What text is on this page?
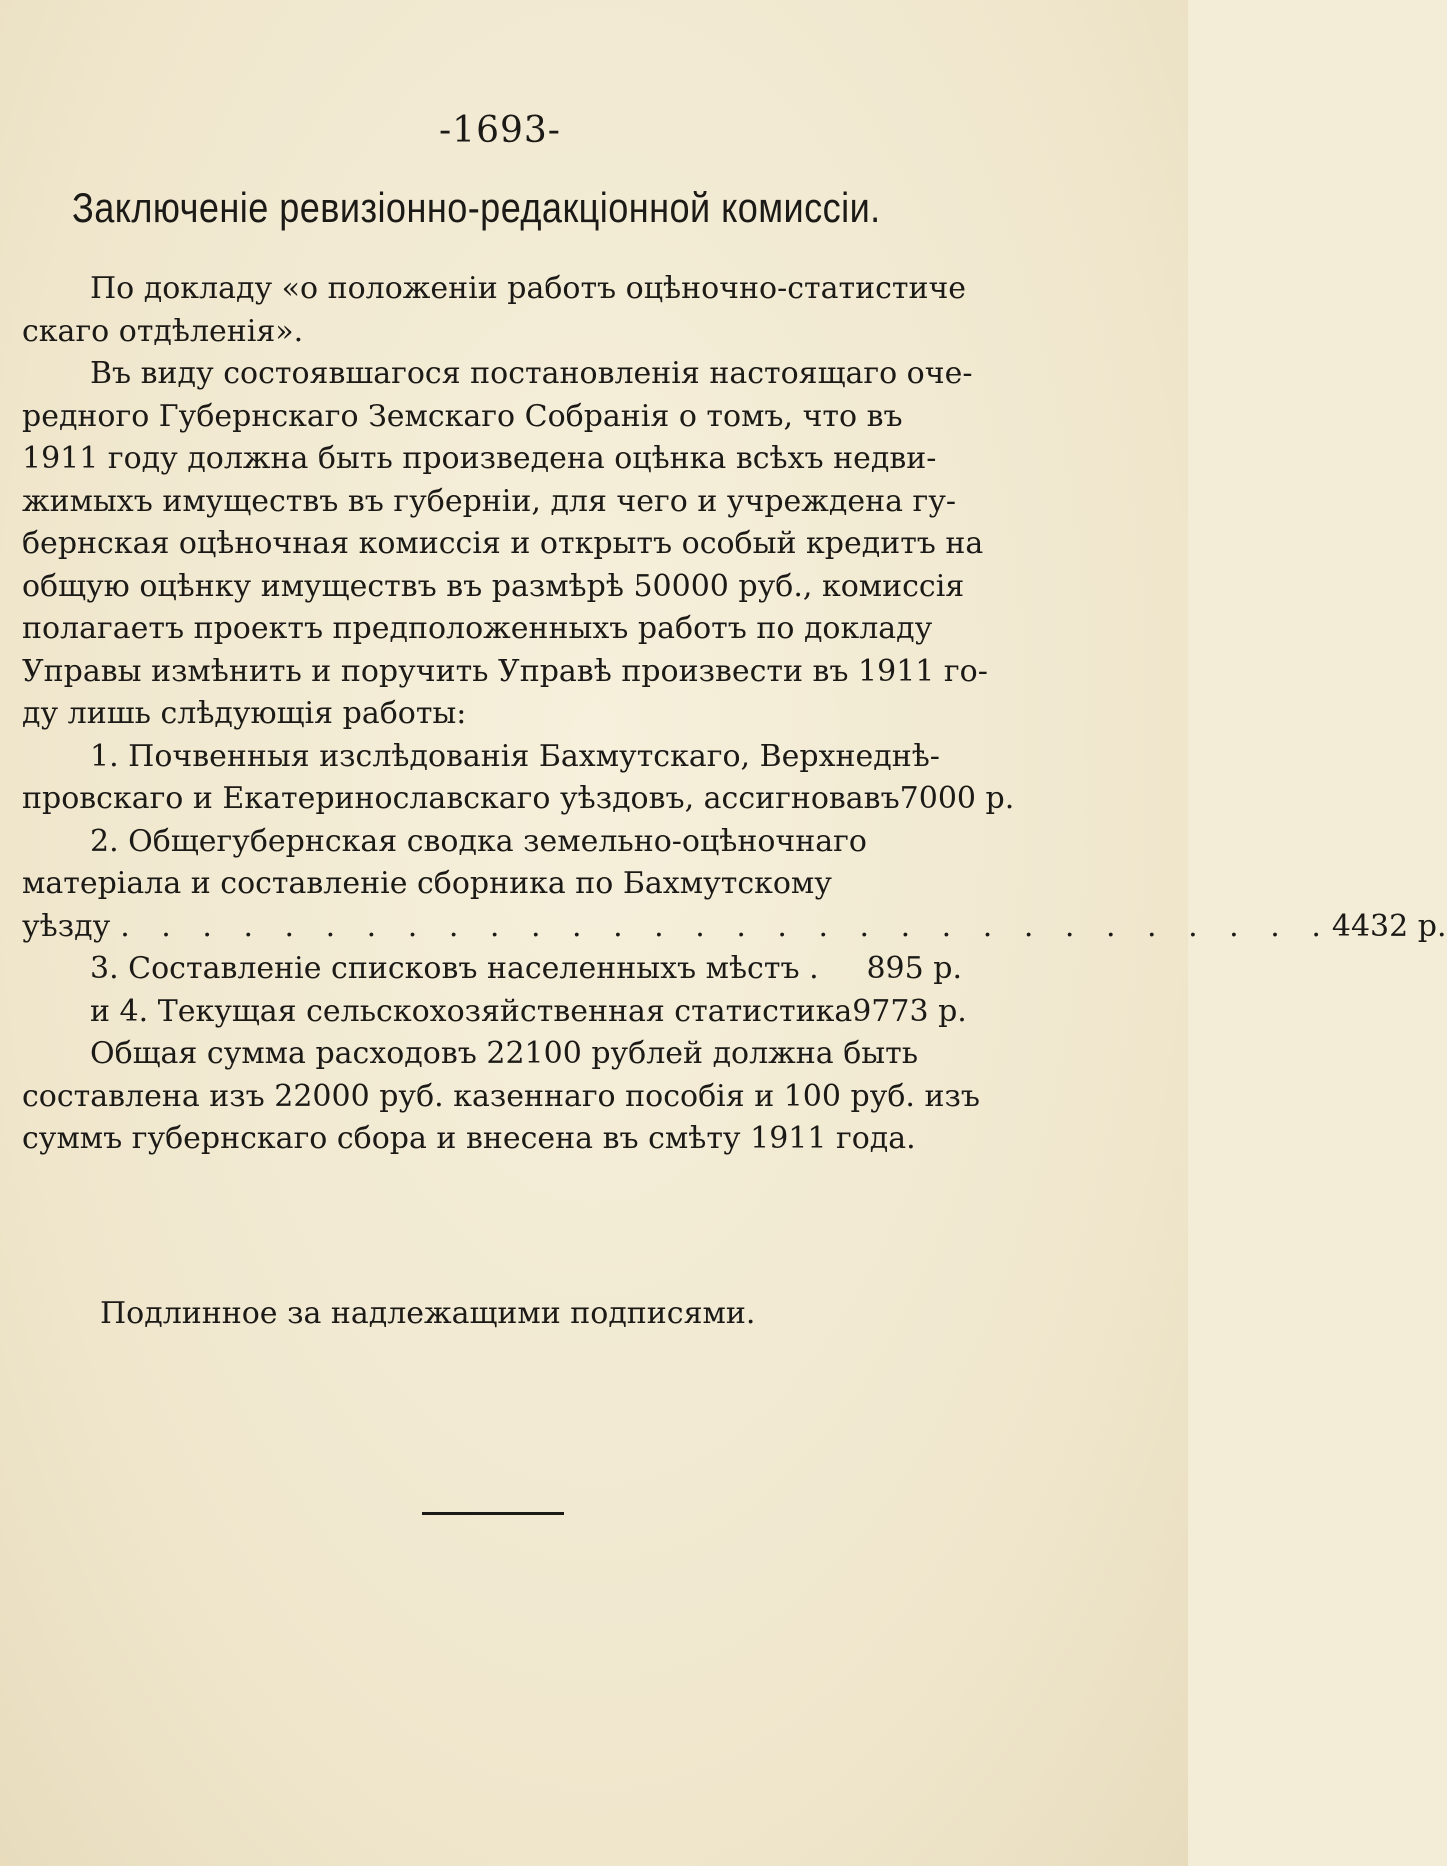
-1693-
Заключенiе ревизiонно-редакцiонной комиссiи.
По докладу «о положенiи работъ оцѣночно-статистиче
скаго отдѣленiя».
Въ виду состоявшагося постановленiя настоящаго оче-
редного Губернскаго Земскаго Собранiя о томъ, что въ
1911 году должна быть произведена оцѣнка всѣхъ недви-
жимыхъ имуществъ въ губернiи, для чего и учреждена гу-
бернская оцѣночная комиссiя и открытъ особый кредитъ на
общую оцѣнку имуществъ въ размѣрѣ 50000 руб., комиссiя
полагаетъ проектъ предположенныхъ работъ по докладу
Управы измѣнить и поручить Управѣ произвести въ 1911 го-
ду лишь слѣдующiя работы:
1. Почвенныя изслѣдованiя Бахмутскаго, Верхнеднѣ-
провскаго и Екатеринославскаго уѣздовъ, ассигновавъ 7000 р.
2. Общегубернская сводка земельно-оцѣночнаго
матерiала и составленiе сборника по Бахмутскому
уѣзду . . . . . . . . . . . . . . . . . . . . . . . . . . . . . . 4432 р.
3. Составленiе списковъ населенныхъ мѣстъ . 895 р.
и 4. Текущая сельскохозяйственная статистика 9773 р.
Общая сумма расходовъ 22100 рублей должна быть
составлена изъ 22000 руб. казеннаго пособiя и 100 руб. изъ
суммъ губернскаго сбора и внесена въ смѣту 1911 года.
Подлинное за надлежащими подписями.
